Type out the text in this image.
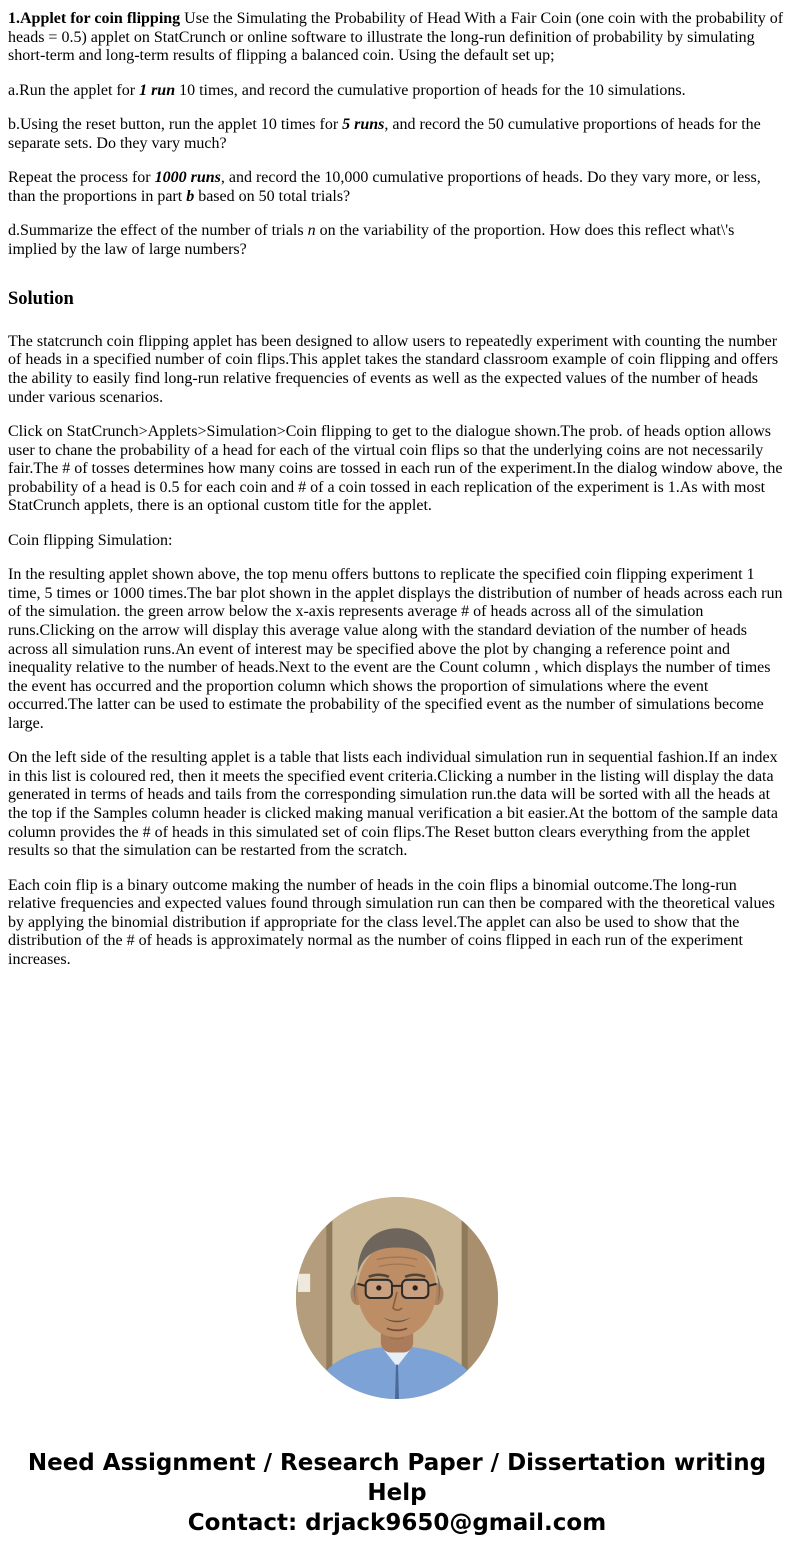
1.Applet for coin flipping Use the Simulating the Probability of Head With a Fair Coin (one coin with the probability of heads = 0.5) applet on StatCrunch or online software to illustrate the long-run definition of probability by simulating short-term and long-term results of flipping a balanced coin. Using the default set up;

a.Run the applet for 1 run 10 times, and record the cumulative proportion of heads for the 10 simulations.

b.Using the reset button, run the applet 10 times for 5 runs, and record the 50 cumulative proportions of heads for the separate sets. Do they vary much?

Repeat the process for 1000 runs, and record the 10,000 cumulative proportions of heads. Do they vary more, or less, than the proportions in part b based on 50 total trials?

d.Summarize the effect of the number of trials n on the variability of the proportion. How does this reflect what\'s implied by the law of large numbers?

Solution

The statcrunch coin flipping applet has been designed to allow users to repeatedly experiment with counting the number of heads in a specified number of coin flips.This applet takes the standard classroom example of coin flipping and offers the ability to easily find long-run relative frequencies of events as well as the expected values of the number of heads under various scenarios.

Click on StatCrunch>Applets>Simulation>Coin flipping to get to the dialogue shown.The prob. of heads option allows user to chane the probability of a head for each of the virtual coin flips so that the underlying coins are not necessarily fair.The # of tosses determines how many coins are tossed in each run of the experiment.In the dialog window above, the probability of a head is 0.5 for each coin and # of a coin tossed in each replication of the experiment is 1.As with most StatCrunch applets, there is an optional custom title for the applet.

Coin flipping Simulation:

In the resulting applet shown above, the top menu offers buttons to replicate the specified coin flipping experiment 1 time, 5 times or 1000 times.The bar plot shown in the applet displays the distribution of number of heads across each run of the simulation. the green arrow below the x-axis represents average # of heads across all of the simulation runs.Clicking on the arrow will display this average value along with the standard deviation of the number of heads across all simulation runs.An event of interest may be specified above the plot by changing a reference point and inequality relative to the number of heads.Next to the event are the Count column , which displays the number of times the event has occurred and the proportion column which shows the proportion of simulations where the event occurred.The latter can be used to estimate the probability of the specified event as the number of simulations become large.

On the left side of the resulting applet is a table that lists each individual simulation run in sequential fashion.If an index in this list is coloured red, then it meets the specified event criteria.Clicking a number in the listing will display the data generated in terms of heads and tails from the corresponding simulation run.the data will be sorted with all the heads at the top if the Samples column header is clicked making manual verification a bit easier.At the bottom of the sample data column provides the # of heads in this simulated set of coin flips.The Reset button clears everything from the applet results so that the simulation can be restarted from the scratch.

Each coin flip is a binary outcome making the number of heads in the coin flips a binomial outcome.The long-run relative frequencies and expected values found through simulation run can then be compared with the theoretical values by applying the binomial distribution if appropriate for the class level.The applet can also be used to show that the distribution of the # of heads is approximately normal as the number of coins flipped in each run of the experiment increases.

Need Assignment / Research Paper / Dissertation writing Help
Contact: drjack9650@gmail.com
